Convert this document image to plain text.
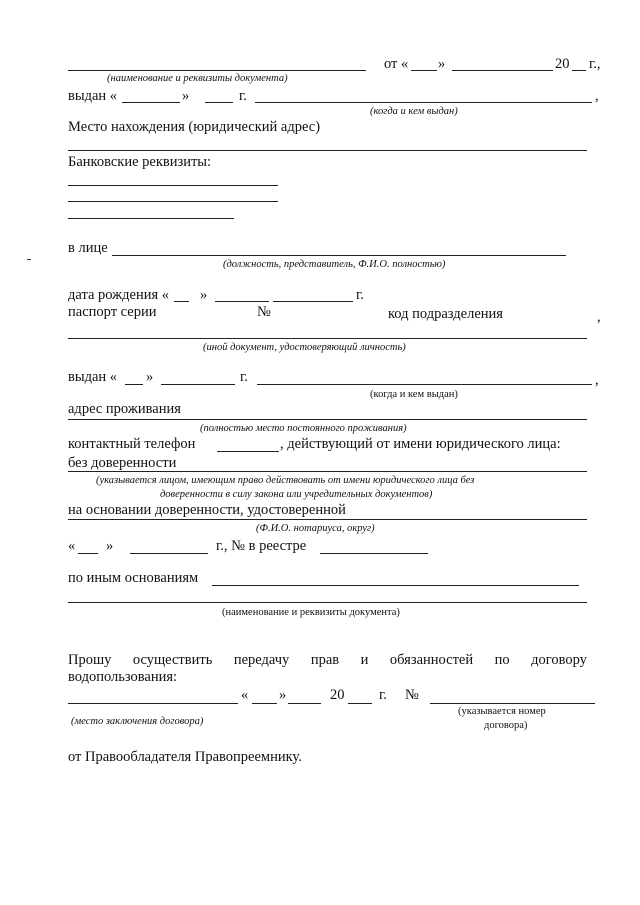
от « »	20 г.,
(наименование и реквизиты документа)
выдан «	»	г.	,
(когда и кем выдан)
Место нахождения (юридический адрес)
Банковские реквизиты:
в лице
(должность, представитель, Ф.И.О. полностью)
дата рождения « »	г.
паспорт серии	№	код подразделения	,
(иной документ, удостоверяющий личность)
выдан « »	г.	,
(когда и кем выдан)
адрес проживания
(полностью место постоянного проживания)
контактный телефон	, действующий от имени юридического лица:
без доверенности
(указывается лицом, имеющим право действовать от имени юридического лица без
доверенности в силу закона или учредительных документов)
на основании доверенности, удостоверенной
(Ф.И.О. нотариуса, округ)
« »	г., № в реестре
по иным основаниям
(наименование и реквизиты документа)
Прошу осуществить передачу прав и обязанностей по договору
водопользования:
« »	20 г. №
(место заключения договора)
(указывается номер
договора)
от Правообладателя Правопреемнику.
